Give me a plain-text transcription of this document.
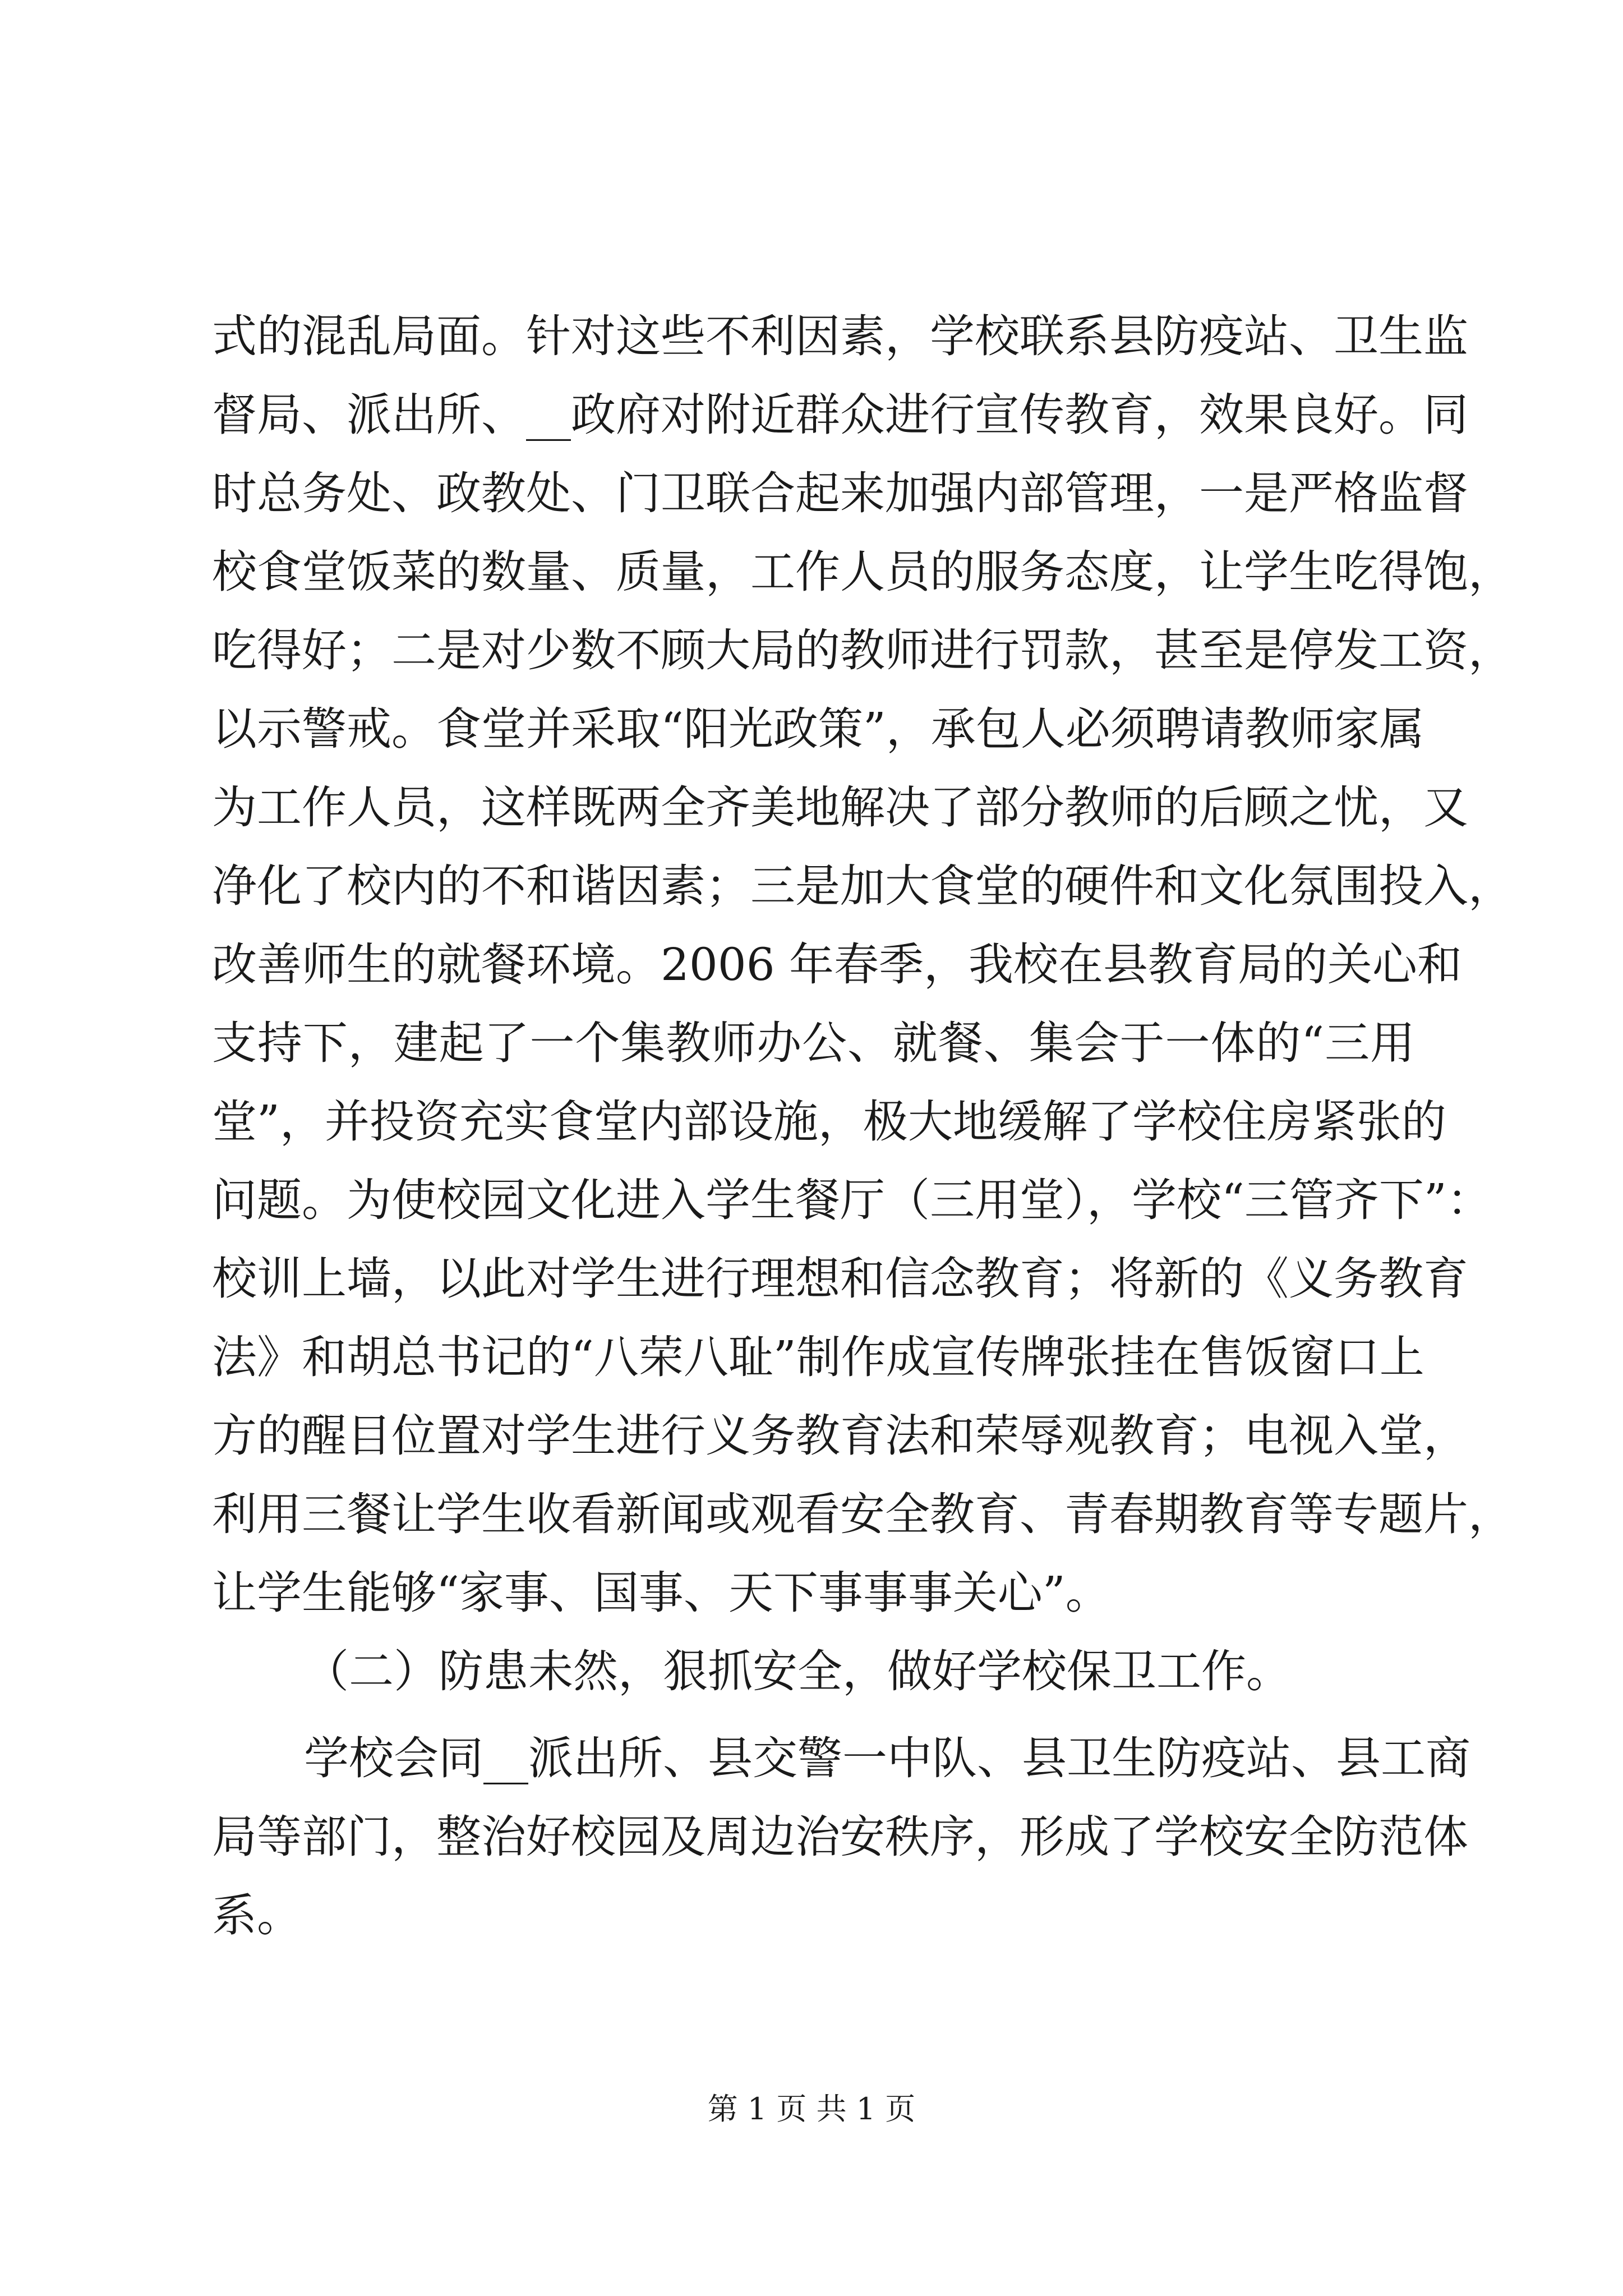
式的混乱局面。针对这些不利因素，学校联系县防疫站、卫生监
督局、派出所、__政府对附近群众进行宣传教育，效果良好。同
时总务处、政教处、门卫联合起来加强内部管理，一是严格监督
校食堂饭菜的数量、质量，工作人员的服务态度，让学生吃得饱，
吃得好；二是对少数不顾大局的教师进行罚款，甚至是停发工资，
以示警戒。食堂并采取“阳光政策”，承包人必须聘请教师家属
为工作人员，这样既两全齐美地解决了部分教师的后顾之忧，又
净化了校内的不和谐因素；三是加大食堂的硬件和文化氛围投入，
改善师生的就餐环境。2006 年春季，我校在县教育局的关心和
支持下，建起了一个集教师办公、就餐、集会于一体的“三用
堂”，并投资充实食堂内部设施，极大地缓解了学校住房紧张的
问题。为使校园文化进入学生餐厅（三用堂），学校“三管齐下”：
校训上墙，以此对学生进行理想和信念教育；将新的《义务教育
法》和胡总书记的“八荣八耻”制作成宣传牌张挂在售饭窗口上
方的醒目位置对学生进行义务教育法和荣辱观教育；电视入堂，
利用三餐让学生收看新闻或观看安全教育、青春期教育等专题片，
让学生能够“家事、国事、天下事事事关心”。
（二）防患未然，狠抓安全，做好学校保卫工作。
学校会同__派出所、县交警一中队、县卫生防疫站、县工商
局等部门，整治好校园及周边治安秩序，形成了学校安全防范体
系。
第 1 页 共 1 页
